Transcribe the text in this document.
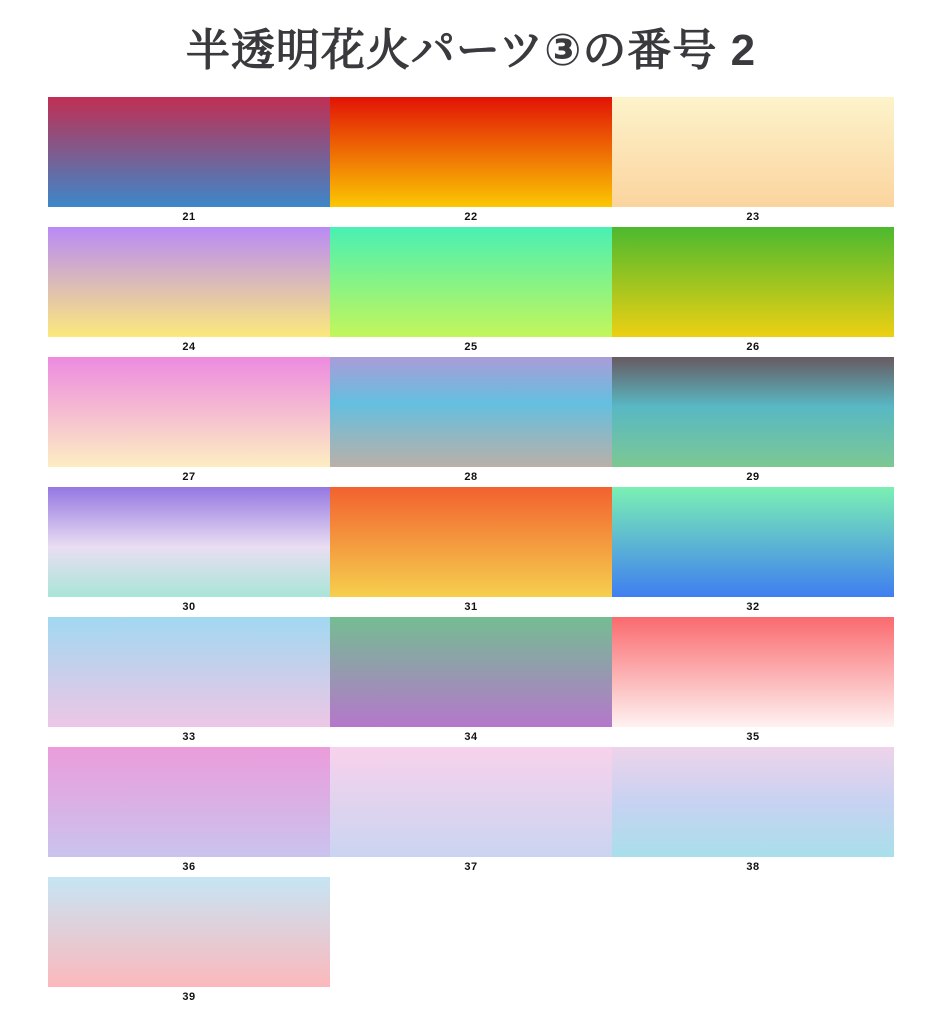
半透明花火パーツ③の番号 2
21	22	23
24	25	26
27	28	29
30	31	32
33	34	35
36	37	38
39
